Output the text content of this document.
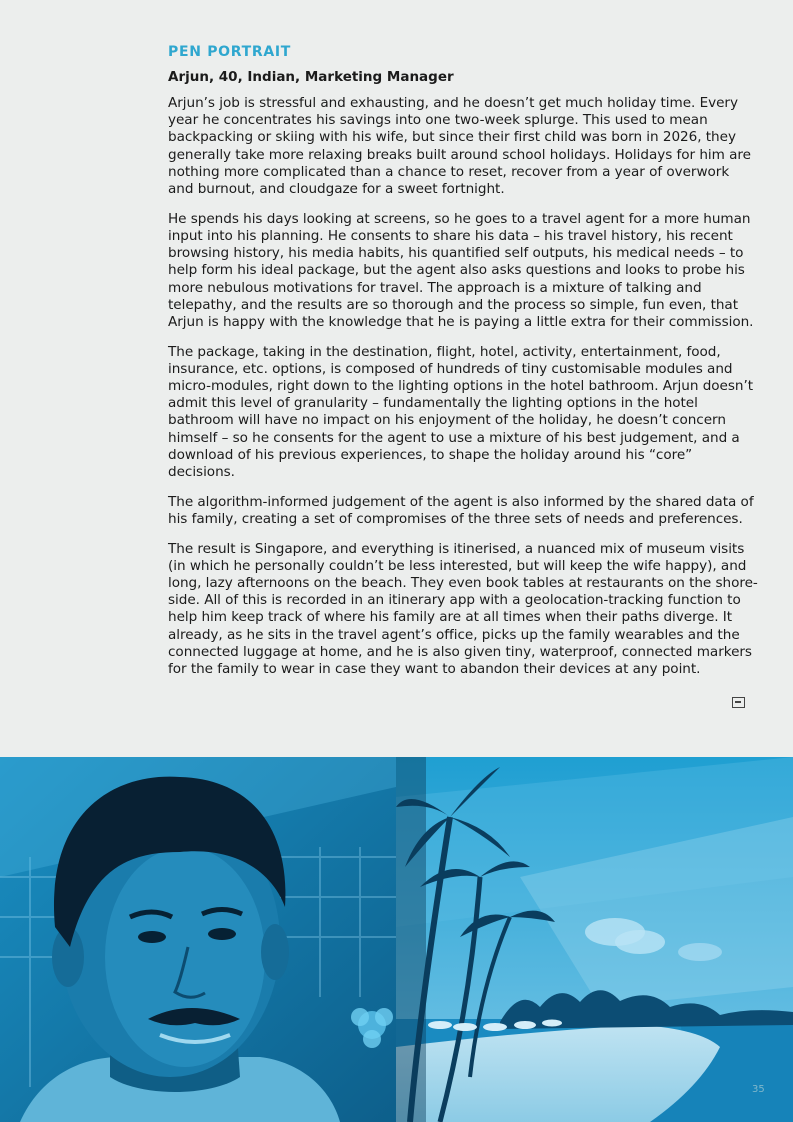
PEN PORTRAIT
Arjun, 40, Indian, Marketing Manager

Arjun’s job is stressful and exhausting, and he doesn’t get much holiday time. Every year he concentrates his savings into one two-week splurge. This used to mean backpacking or skiing with his wife, but since their first child was born in 2026, they generally take more relaxing breaks built around school holidays. Holidays for him are nothing more complicated than a chance to reset, recover from a year of overwork and burnout, and cloudgaze for a sweet fortnight.

He spends his days looking at screens, so he goes to a travel agent for a more human input into his planning. He consents to share his data – his travel history, his recent browsing history, his media habits, his quantified self outputs, his medical needs – to help form his ideal package, but the agent also asks questions and looks to probe his more nebulous motivations for travel. The approach is a mixture of talking and telepathy, and the results are so thorough and the process so simple, fun even, that Arjun is happy with the knowledge that he is paying a little extra for their commission.

The package, taking in the destination, flight, hotel, activity, entertainment, food, insurance, etc. options, is composed of hundreds of tiny customisable modules and micro-modules, right down to the lighting options in the hotel bathroom. Arjun doesn’t admit this level of granularity – fundamentally the lighting options in the hotel bathroom will have no impact on his enjoyment of the holiday, he doesn’t concern himself – so he consents for the agent to use a mixture of his best judgement, and a download of his previous experiences, to shape the holiday around his “core” decisions.

The algorithm-informed judgement of the agent is also informed by the shared data of his family, creating a set of compromises of the three sets of needs and preferences.

The result is Singapore, and everything is itinerised, a nuanced mix of museum visits (in which he personally couldn’t be less interested, but will keep the wife happy), and long, lazy afternoons on the beach. They even book tables at restaurants on the shore-side. All of this is recorded in an itinerary app with a geolocation-tracking function to help him keep track of where his family are at all times when their paths diverge. It already, as he sits in the travel agent’s office, picks up the family wearables and the connected luggage at home, and he is also given tiny, waterproof, connected markers for the family to wear in case they want to abandon their devices at any point.

35
